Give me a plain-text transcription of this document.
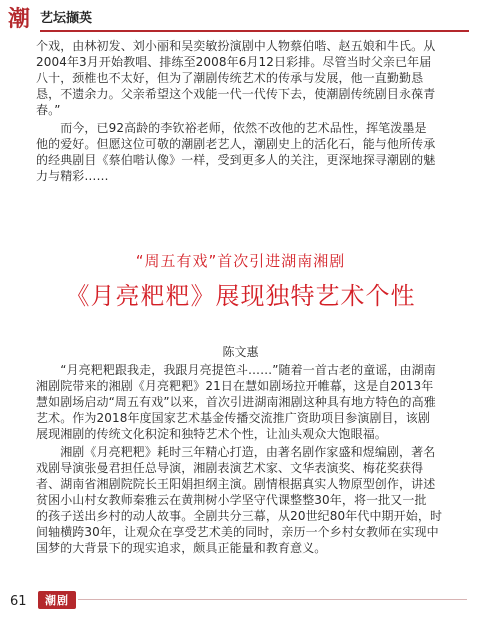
潮 艺坛撷英
个戏，由林初发、刘小丽和吴奕敏扮演剧中人物蔡伯喈、赵五娘和牛氏。从
2004年3月开始教唱、排练至2008年6月12日彩排。尽管当时父亲已年届
八十，颈椎也不太好，但为了潮剧传统艺术的传承与发展，他一直勤勤恳
恳，不遗余力。父亲希望这个戏能一代一代传下去，使潮剧传统剧目永葆青
春。”
　　而今，已92高龄的李钦裕老师，依然不改他的艺术品性，挥笔泼墨是
他的爱好。但愿这位可敬的潮剧老艺人，潮剧史上的活化石，能与他所传承
的经典剧目《蔡伯喈认像》一样，受到更多人的关注，更深地探寻潮剧的魅
力与精彩……
“周五有戏”首次引进湖南湘剧
《月亮粑粑》展现独特艺术个性
陈文惠
　　“月亮粑粑跟我走，我跟月亮提笆斗……”随着一首古老的童谣，由湖南
湘剧院带来的湘剧《月亮粑粑》21日在慧如剧场拉开帷幕，这是自2013年
慧如剧场启动“周五有戏”以来，首次引进湖南湘剧这种具有地方特色的高雅
艺术。作为2018年度国家艺术基金传播交流推广资助项目参演剧目，该剧
展现湘剧的传统文化积淀和独特艺术个性，让汕头观众大饱眼福。
　　湘剧《月亮粑粑》耗时三年精心打造，由著名剧作家盛和煜编剧，著名
戏剧导演张曼君担任总导演，湘剧表演艺术家、文华表演奖、梅花奖获得
者、湖南省湘剧院院长王阳娟担纲主演。剧情根据真实人物原型创作，讲述
贫困小山村女教师秦雅云在黄荆树小学坚守代课整整30年，将一批又一批
的孩子送出乡村的动人故事。全剧共分三幕，从20世纪80年代中期开始，时
间轴横跨30年，让观众在享受艺术美的同时，亲历一个乡村女教师在实现中
国梦的大背景下的现实追求，颇具正能量和教育意义。
61	潮剧
